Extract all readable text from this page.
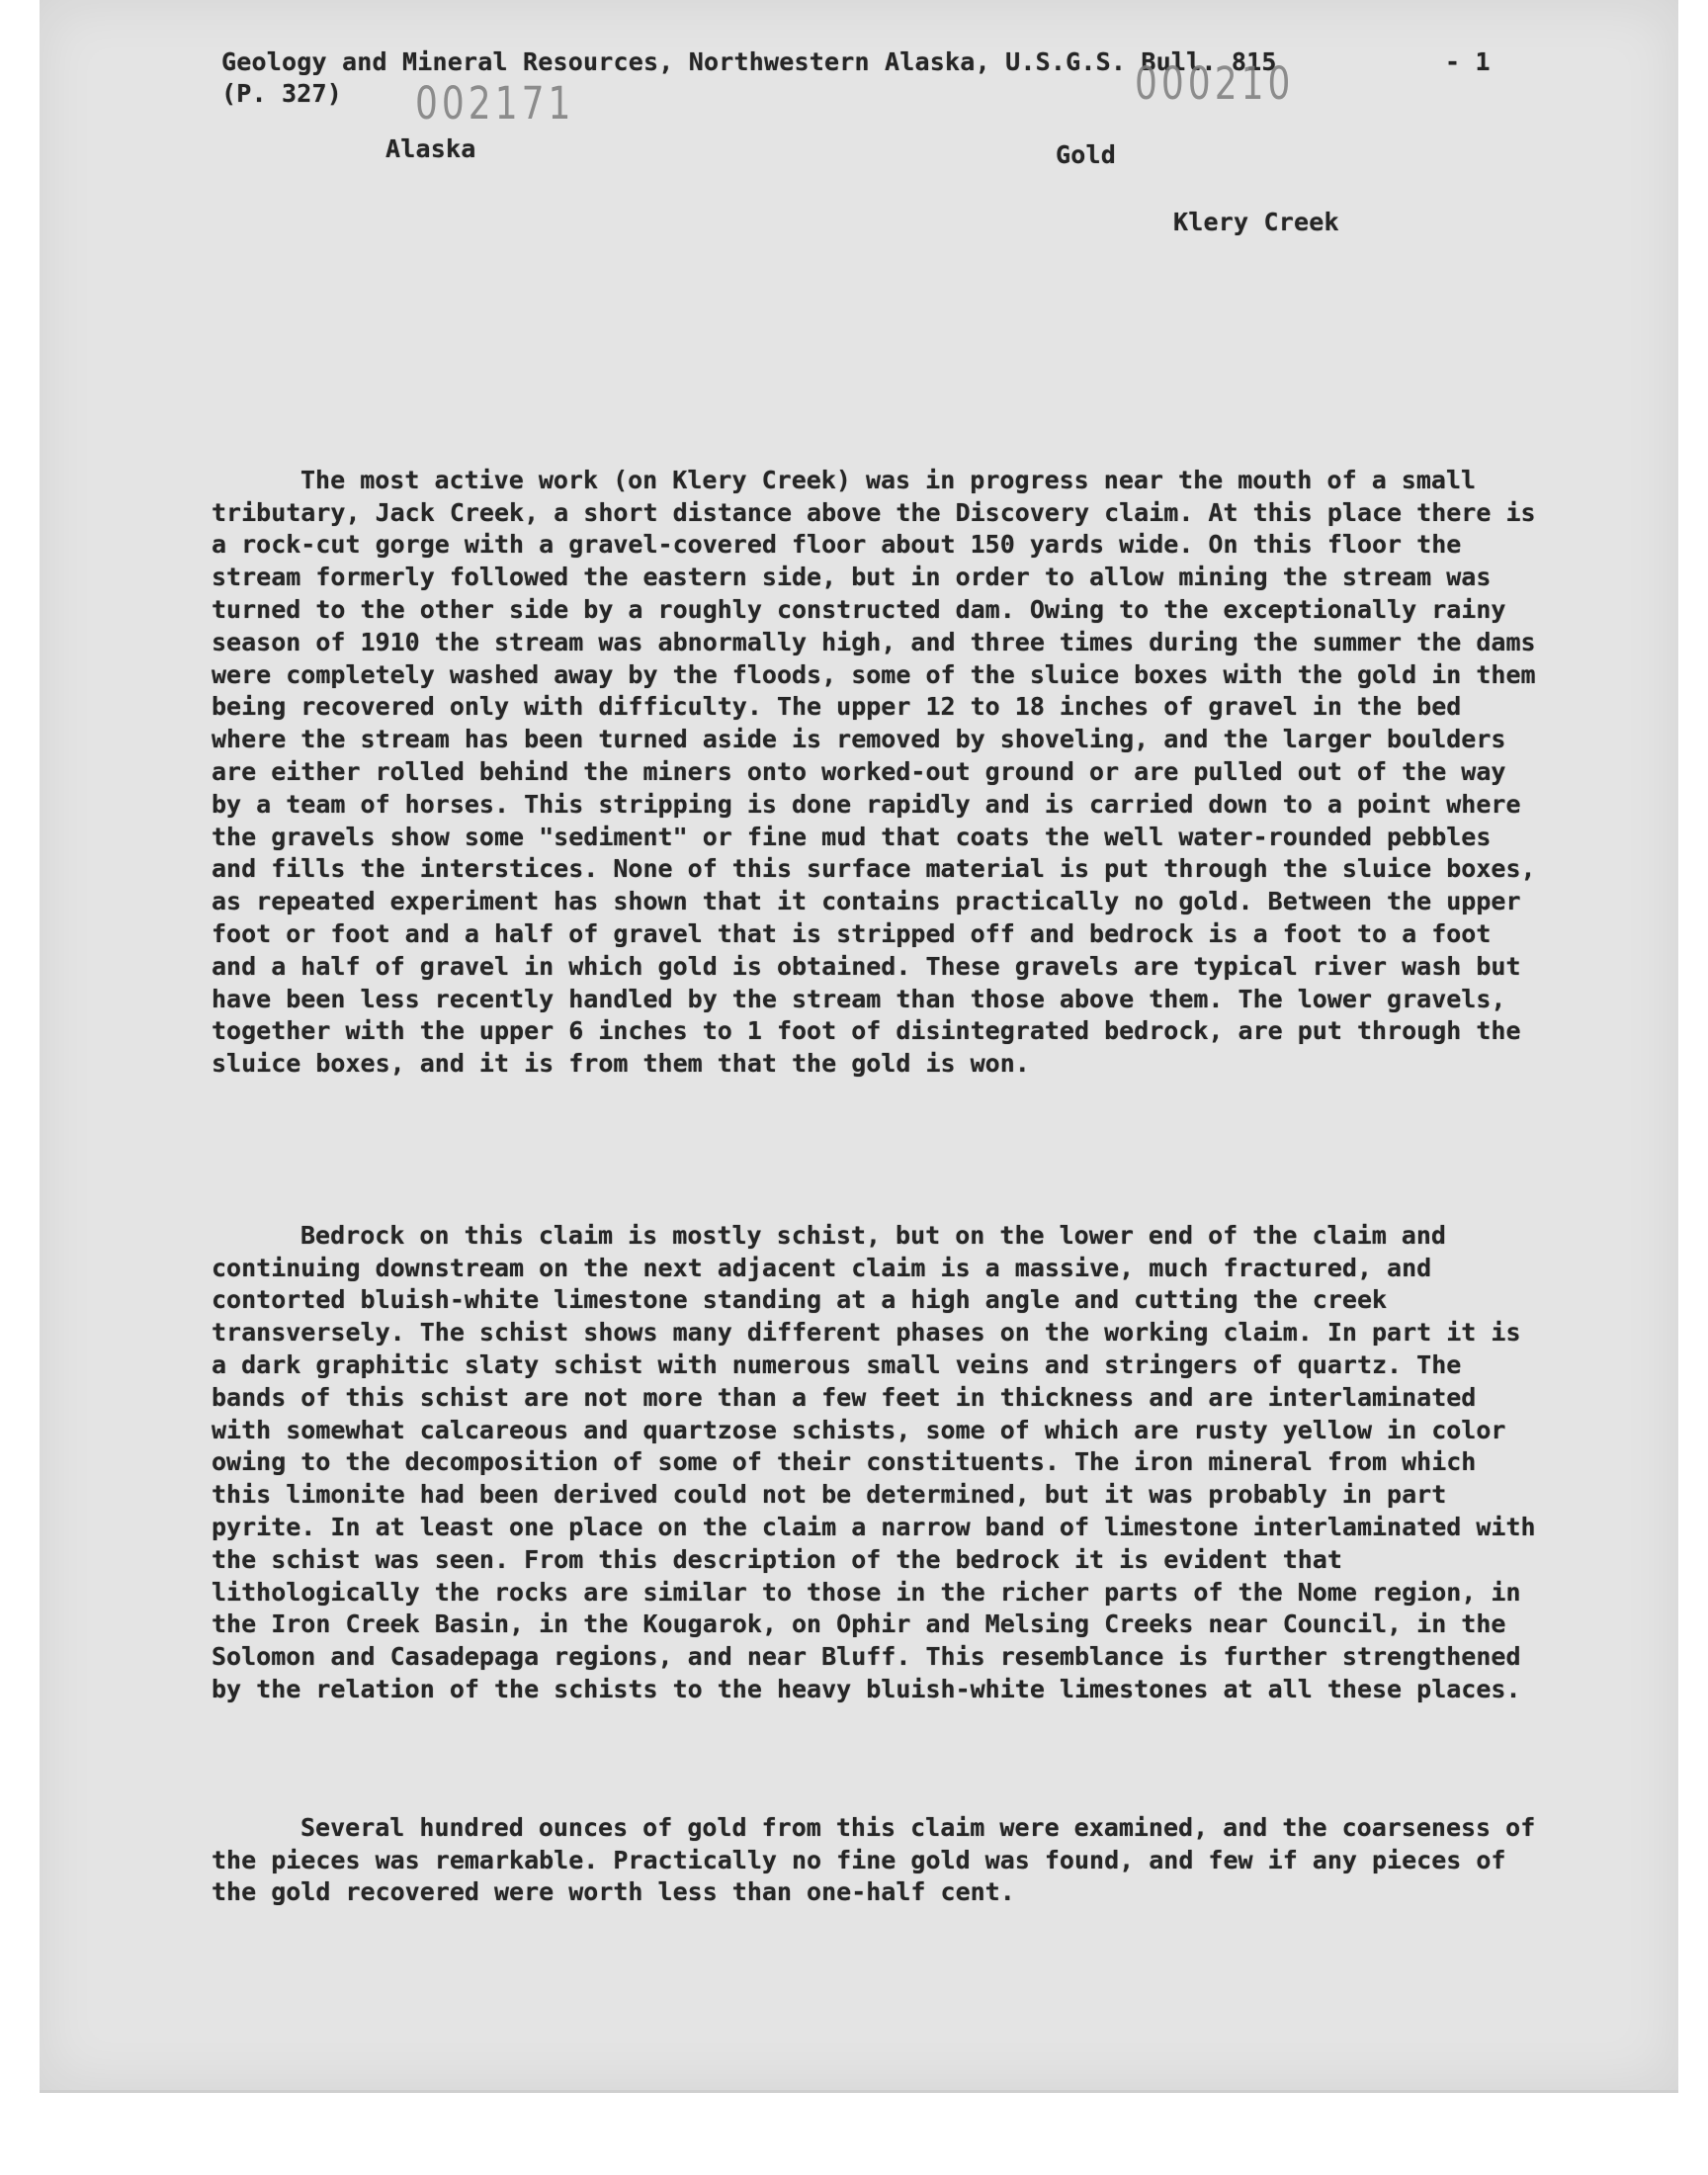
Geology and Mineral Resources, Northwestern Alaska, U.S.G.S. Bull. 815	- 1
(P. 327) 002171	000210
Alaska	Gold
Klery Creek

The most active work (on Klery Creek) was in progress near the mouth of a small tributary, Jack Creek, a short distance above the Discovery claim. At this place there is a rock-cut gorge with a gravel-covered floor about 150 yards wide. On this floor the stream formerly followed the eastern side, but in order to allow mining the stream was turned to the other side by a roughly constructed dam. Owing to the exceptionally rainy season of 1910 the stream was abnormally high, and three times during the summer the dams were completely washed away by the floods, some of the sluice boxes with the gold in them being recovered only with difficulty. The upper 12 to 18 inches of gravel in the bed where the stream has been turned aside is removed by shoveling, and the larger boulders are either rolled behind the miners onto worked-out ground or are pulled out of the way by a team of horses. This stripping is done rapidly and is carried down to a point where the gravels show some "sediment" or fine mud that coats the well water-rounded pebbles and fills the interstices. None of this surface material is put through the sluice boxes, as repeated experiment has shown that it contains practically no gold. Between the upper foot or foot and a half of gravel that is stripped off and bedrock is a foot to a foot and a half of gravel in which gold is obtained. These gravels are typical river wash but have been less recently handled by the stream than those above them. The lower gravels, together with the upper 6 inches to 1 foot of disintegrated bedrock, are put through the sluice boxes, and it is from them that the gold is won.

Bedrock on this claim is mostly schist, but on the lower end of the claim and continuing downstream on the next adjacent claim is a massive, much fractured, and contorted bluish-white limestone standing at a high angle and cutting the creek transversely. The schist shows many different phases on the working claim. In part it is a dark graphitic slaty schist with numerous small veins and stringers of quartz. The bands of this schist are not more than a few feet in thickness and are interlaminated with somewhat calcareous and quartzose schists, some of which are rusty yellow in color owing to the decomposition of some of their constituents. The iron mineral from which this limonite had been derived could not be determined, but it was probably in part pyrite. In at least one place on the claim a narrow band of limestone interlaminated with the schist was seen. From this description of the bedrock it is evident that lithologically the rocks are similar to those in the richer parts of the Nome region, in the Iron Creek Basin, in the Kougarok, on Ophir and Melsing Creeks near Council, in the Solomon and Casadepaga regions, and near Bluff. This resemblance is further strengthened by the relation of the schists to the heavy bluish-white limestones at all these places.

Several hundred ounces of gold from this claim were examined, and the coarseness of the pieces was remarkable. Practically no fine gold was found, and few if any pieces of the gold recovered were worth less than one-half cent.
